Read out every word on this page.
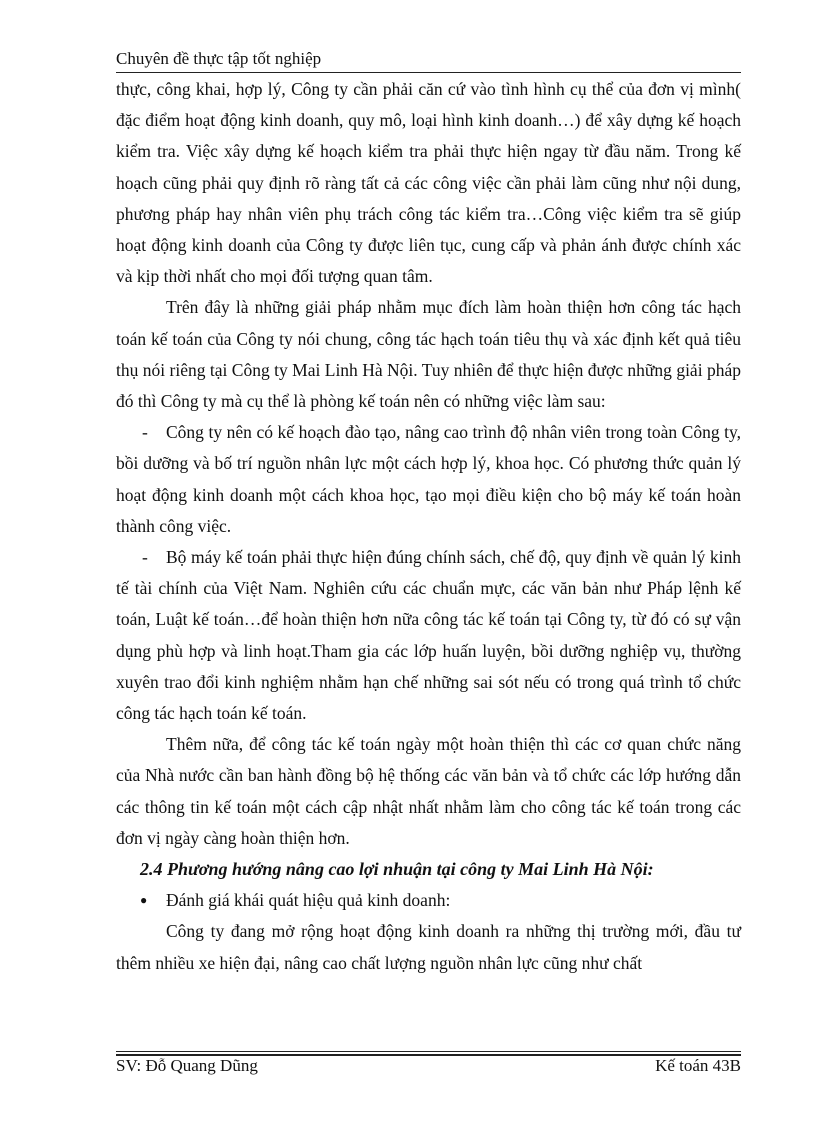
Chuyên đề thực tập tốt nghiệp

thực, công khai, hợp lý, Công ty cần phải căn cứ vào tình hình cụ thể của đơn vị mình( đặc điểm hoạt động kinh doanh, quy mô, loại hình kinh doanh…) để xây dựng kế hoạch kiểm tra. Việc xây dựng kế hoạch kiểm tra phải thực hiện ngay từ đầu năm. Trong kế hoạch cũng phải quy định rõ ràng tất cả các công việc cần phải làm cũng như nội dung, phương pháp hay nhân viên phụ trách công tác kiểm tra…Công việc kiểm tra sẽ giúp hoạt động kinh doanh của Công ty được liên tục, cung cấp và phản ánh được chính xác và kịp thời nhất cho mọi đối tượng quan tâm.

Trên đây là những giải pháp nhằm mục đích làm hoàn thiện hơn công tác hạch toán kế toán của Công ty nói chung, công tác hạch toán tiêu thụ và xác định kết quả tiêu thụ nói riêng tại Công ty Mai Linh Hà Nội. Tuy nhiên để thực hiện được những giải pháp đó thì Công ty mà cụ thể là phòng kế toán nên có những việc làm sau:

- Công ty nên có kế hoạch đào tạo, nâng cao trình độ nhân viên trong toàn Công ty, bồi dưỡng và bố trí nguồn nhân lực một cách hợp lý, khoa học. Có phương thức quản lý hoạt động kinh doanh một cách khoa học, tạo mọi điều kiện cho bộ máy kế toán hoàn thành công việc.

- Bộ máy kế toán phải thực hiện đúng chính sách, chế độ, quy định về quản lý kinh tế tài chính của Việt Nam. Nghiên cứu các chuẩn mực, các văn bản như Pháp lệnh kế toán, Luật kế toán…để hoàn thiện hơn nữa công tác kế toán tại Công ty, từ đó có sự vận dụng phù hợp và linh hoạt.Tham gia các lớp huấn luyện, bồi dưỡng nghiệp vụ, thường xuyên trao đổi kinh nghiệm nhằm hạn chế những sai sót nếu có trong quá trình tổ chức công tác hạch toán kế toán.

Thêm nữa, để công tác kế toán ngày một hoàn thiện thì các cơ quan chức năng của Nhà nước cần ban hành đồng bộ hệ thống các văn bản và tổ chức các lớp hướng dẫn các thông tin kế toán một cách cập nhật nhất nhằm làm cho công tác kế toán trong các đơn vị ngày càng hoàn thiện hơn.

2.4 Phương hướng nâng cao lợi nhuận tại công ty Mai Linh Hà Nội:

● Đánh giá khái quát hiệu quả kinh doanh:

Công ty đang mở rộng hoạt động kinh doanh ra những thị trường mới, đầu tư thêm nhiều xe hiện đại, nâng cao chất lượng nguồn nhân lực cũng như chất

SV: Đỗ Quang Dũng	Kế toán 43B
